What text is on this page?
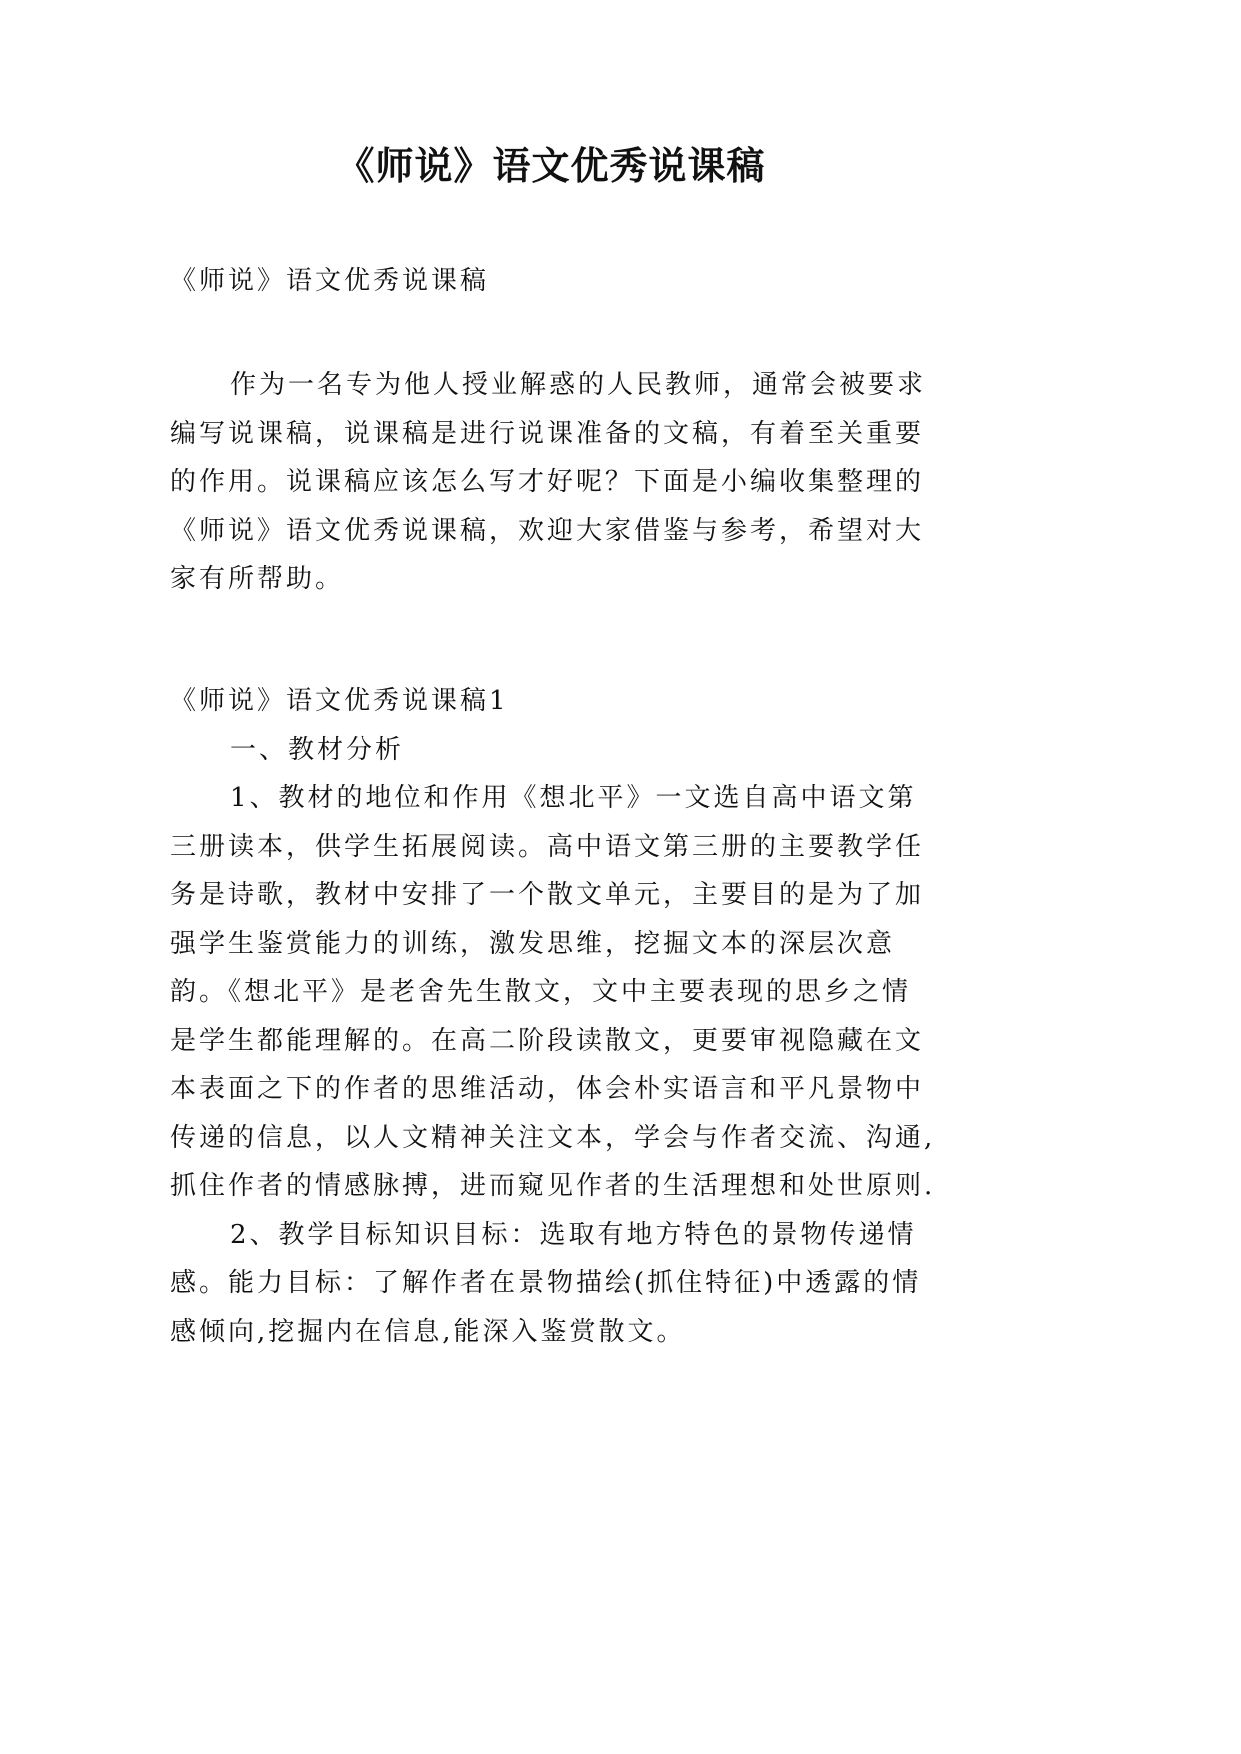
《师说》语文优秀说课稿

《师说》语文优秀说课稿

作为一名专为他人授业解惑的人民教师，通常会被要求编写说课稿，说课稿是进行说课准备的文稿，有着至关重要的作用。说课稿应该怎么写才好呢？下面是小编收集整理的《师说》语文优秀说课稿，欢迎大家借鉴与参考，希望对大家有所帮助。

《师说》语文优秀说课稿1

一、教材分析

1、教材的地位和作用《想北平》一文选自高中语文第三册读本，供学生拓展阅读。高中语文第三册的主要教学任务是诗歌，教材中安排了一个散文单元，主要目的是为了加强学生鉴赏能力的训练，激发思维，挖掘文本的深层次意韵。《想北平》是老舍先生散文，文中主要表现的思乡之情是学生都能理解的。在高二阶段读散文，更要审视隐藏在文本表面之下的作者的思维活动，体会朴实语言和平凡景物中传递的信息，以人文精神关注文本，学会与作者交流、沟通,抓住作者的情感脉搏，进而窥见作者的生活理想和处世原则.

2、教学目标知识目标：选取有地方特色的景物传递情感。能力目标：了解作者在景物描绘(抓住特征)中透露的情感倾向,挖掘内在信息,能深入鉴赏散文。
